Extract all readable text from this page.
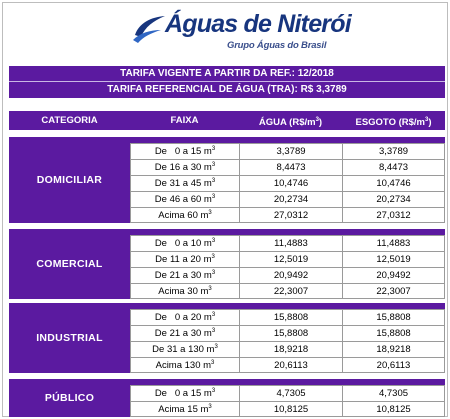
Águas de Niterói
Grupo Águas do Brasil
TARIFA VIGENTE A PARTIR DA REF.: 12/2018
TARIFA REFERENCIAL DE ÁGUA (TRA): R$ 3,3789
CATEGORIA	FAIXA	ÁGUA $(R\$/m^3)$	ESGOTO $(R\$/m^3)$
DOMICILIAR
De   0 a 15 $m^3$	3,3789	3,3789
De 16 a 30 $m^3$	8,4473	8,4473
De 31 a 45 $m^3$	10,4746	10,4746
De 46 a 60 $m^3$	20,2734	20,2734
Acima 60 $m^3$	27,0312	27,0312
COMERCIAL
De   0 a 10 $m^3$	11,4883	11,4883
De 11 a 20 $m^3$	12,5019	12,5019
De 21 a 30 $m^3$	20,9492	20,9492
Acima 30 $m^3$	22,3007	22,3007
INDUSTRIAL
De   0 a 20 $m^3$	15,8808	15,8808
De 21 a 30 $m^3$	15,8808	15,8808
De 31 a 130 $m^3$	18,9218	18,9218
Acima 130 $m^3$	20,6113	20,6113
PÚBLICO	De   0 a 15 $m^3$	4,7305	4,7305
Acima 15 $m^3$	10,8125	10,8125
